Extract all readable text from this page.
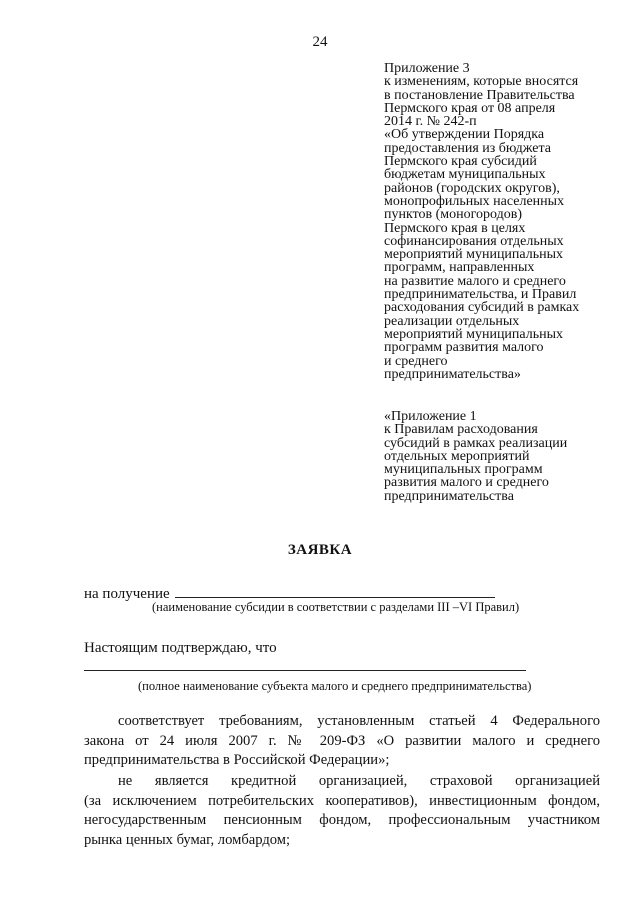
24
Приложение 3
к изменениям, которые вносятся
в постановление Правительства
Пермского края от 08 апреля
2014 г. № 242-п
«Об утверждении Порядка
предоставления из бюджета
Пермского края субсидий
бюджетам муниципальных
районов (городских округов),
монопрофильных населенных
пунктов (моногородов)
Пермского края в целях
софинансирования отдельных
мероприятий муниципальных
программ, направленных
на развитие малого и среднего
предпринимательства, и Правил
расходования субсидий в рамках
реализации отдельных
мероприятий муниципальных
программ развития малого
и среднего
предпринимательства»
«Приложение 1
к Правилам расходования
субсидий в рамках реализации
отдельных мероприятий
муниципальных программ
развития малого и среднего
предпринимательства
ЗАЯВКА
на получение
(наименование субсидии в соответствии с разделами III –VI Правил)
Настоящим подтверждаю, что
(полное наименование субъекта малого и среднего предпринимательства)
соответствует требованиям, установленным статьей 4 Федерального
закона от 24 июля 2007 г. № 209-ФЗ «О развитии малого и среднего
предпринимательства в Российской Федерации»;
не является кредитной организацией, страховой организацией
(за исключением потребительских кооперативов), инвестиционным фондом,
негосударственным пенсионным фондом, профессиональным участником
рынка ценных бумаг, ломбардом;
